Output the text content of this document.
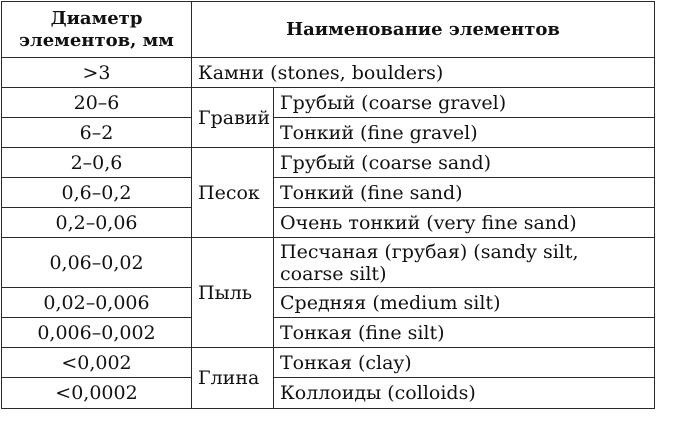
Диаметр
элементов, мм	Наименование элементов	
>3	Камни (stones, boulders)	
20–6	Гравий	Грубый (coarse gravel)
6–2		Тонкий (fine gravel)
2–0,6	Песок	Грубый (coarse sand)
0,6–0,2		Тонкий (fine sand)
0,2–0,06		Очень тонкий (very fine sand)
0,06–0,02	Пыль	Песчаная (грубая) (sandy silt, coarse silt)
0,02–0,006		Средняя (medium silt)
0,006–0,002		Тонкая (fine silt)
<0,002	Глина	Тонкая (clay)
<0,0002		Коллоиды (colloids)
